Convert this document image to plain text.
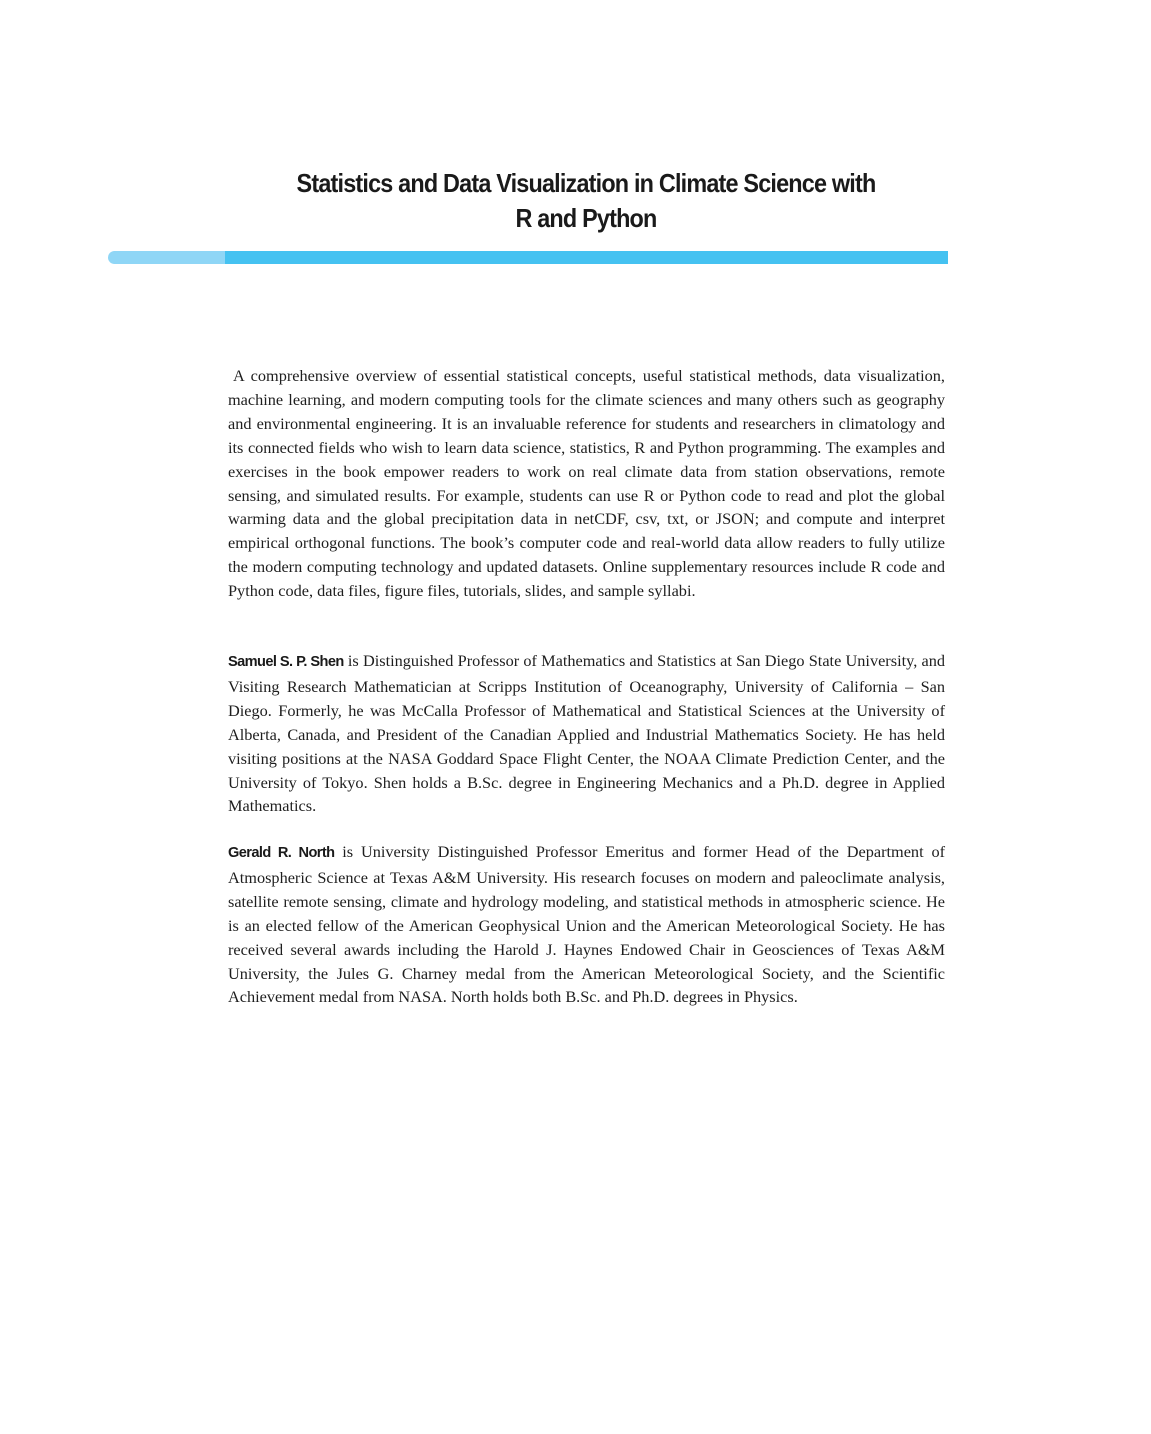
Statistics and Data Visualization in Climate Science with
R and Python

A comprehensive overview of essential statistical concepts, useful statistical methods, data visualization, machine learning, and modern computing tools for the climate sciences and many others such as geography and environmental engineering. It is an invaluable reference for students and researchers in climatology and its connected fields who wish to learn data science, statistics, R and Python programming. The examples and exercises in the book empower readers to work on real climate data from station observations, remote sensing, and simulated results. For example, students can use R or Python code to read and plot the global warming data and the global precipitation data in netCDF, csv, txt, or JSON; and compute and interpret empirical orthogonal functions. The book’s computer code and real-world data allow readers to fully utilize the modern computing technology and updated datasets. Online supplementary resources include R code and Python code, data files, figure files, tutorials, slides, and sample syllabi.

Samuel S. P. Shen is Distinguished Professor of Mathematics and Statistics at San Diego State University, and Visiting Research Mathematician at Scripps Institution of Oceanography, University of California – San Diego. Formerly, he was McCalla Professor of Mathematical and Statistical Sciences at the University of Alberta, Canada, and President of the Canadian Applied and Industrial Mathematics Society. He has held visiting positions at the NASA Goddard Space Flight Center, the NOAA Climate Prediction Center, and the University of Tokyo. Shen holds a B.Sc. degree in Engineering Mechanics and a Ph.D. degree in Applied Mathematics.

Gerald R. North is University Distinguished Professor Emeritus and former Head of the Department of Atmospheric Science at Texas A&M University. His research focuses on modern and paleoclimate analysis, satellite remote sensing, climate and hydrology modeling, and statistical methods in atmospheric science. He is an elected fellow of the American Geophysical Union and the American Meteorological Society. He has received several awards including the Harold J. Haynes Endowed Chair in Geosciences of Texas A&M University, the Jules G. Charney medal from the American Meteorological Society, and the Scientific Achievement medal from NASA. North holds both B.Sc. and Ph.D. degrees in Physics.
